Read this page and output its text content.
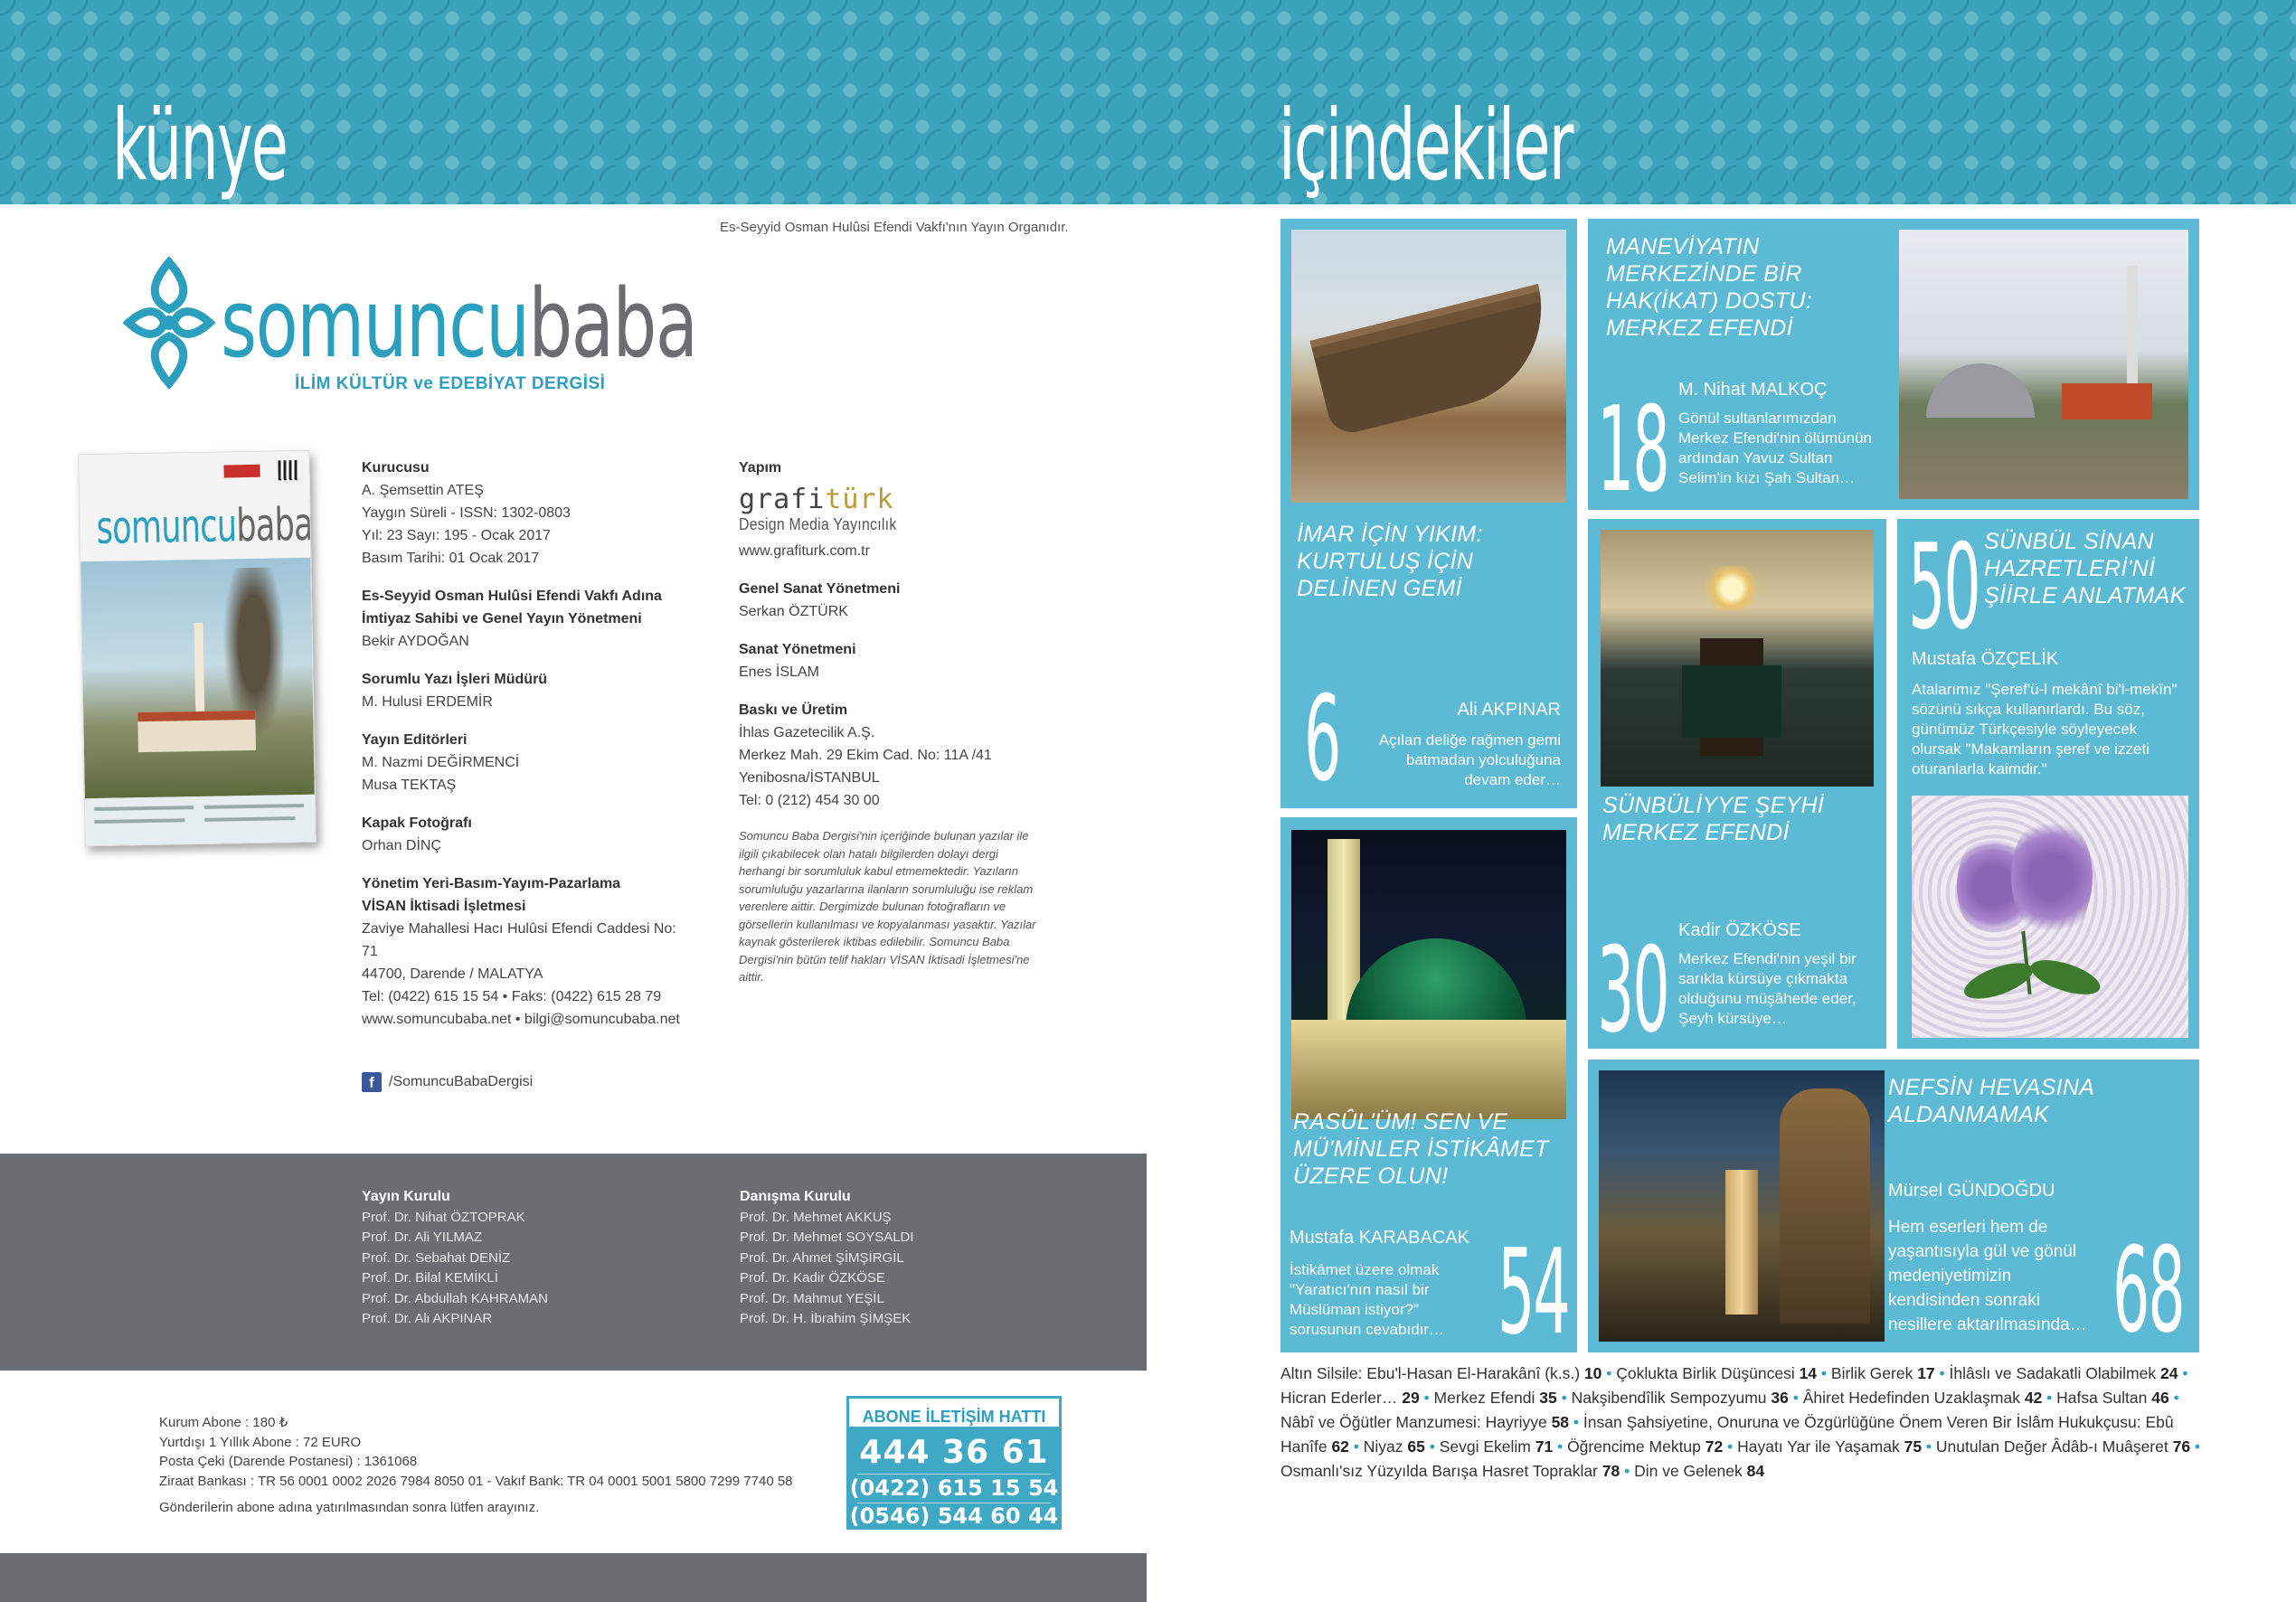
künye	içindekiler
Es-Seyyid Osman Hulûsi Efendi Vakfı'nın Yayın Organıdır.
somuncubaba
İLİM KÜLTÜR ve EDEBİYAT DERGİSİ
somuncubaba
Kurucusu
A. Şemsettin ATEŞ
Yaygın Süreli - ISSN: 1302-0803
Yıl: 23 Sayı: 195 - Ocak 2017
Basım Tarihi: 01 Ocak 2017
Es-Seyyid Osman Hulûsi Efendi Vakfı Adına
İmtiyaz Sahibi ve Genel Yayın Yönetmeni
Bekir AYDOĞAN
Sorumlu Yazı İşleri Müdürü
M. Hulusi ERDEMİR
Yayın Editörleri
M. Nazmi DEĞİRMENCİ
Musa TEKTAŞ
Kapak Fotoğrafı
Orhan DİNÇ
Yönetim Yeri-Basım-Yayım-Pazarlama
VİSAN İktisadi İşletmesi
Zaviye Mahallesi Hacı Hulûsi Efendi Caddesi No: 71
44700, Darende / MALATYA
Tel: (0422) 615 15 54 • Faks: (0422) 615 28 79
www.somuncubaba.net • bilgi@somuncubaba.net
Yapım
grafitürk
Design Media Yayıncılık
www.grafiturk.com.tr
Genel Sanat Yönetmeni
Serkan ÖZTÜRK
Sanat Yönetmeni
Enes İSLAM
Baskı ve Üretim
İhlas Gazetecilik A.Ş.
Merkez Mah. 29 Ekim Cad. No: 11A /41
Yenibosna/İSTANBUL
Tel: 0 (212) 454 30 00
Somuncu Baba Dergisi'nin içeriğinde bulunan yazılar ile ilgili çıkabilecek olan hatalı bilgilerden dolayı dergi herhangi bir sorumluluk kabul etmemektedir. Yazıların sorumluluğu yazarlarına ilanların sorumluluğu ise reklam verenlere aittir. Dergimizde bulunan fotoğrafların ve görsellerin kullanılması ve kopyalanması yasaktır. Yazılar kaynak gösterilerek iktibas edilebilir. Somuncu Baba Dergisi'nin bütün telif hakları VİSAN İktisadi İşletmesi'ne aittir.
f	/SomuncuBabaDergisi
Yayın Kurulu
Prof. Dr. Nihat ÖZTOPRAK
Prof. Dr. Ali YILMAZ
Prof. Dr. Sebahat DENİZ
Prof. Dr. Bilal KEMİKLİ
Prof. Dr. Abdullah KAHRAMAN
Prof. Dr. Ali AKPINAR
Danışma Kurulu
Prof. Dr. Mehmet AKKUŞ
Prof. Dr. Mehmet SOYSALDI
Prof. Dr. Ahmet ŞİMŞİRGİL
Prof. Dr. Kadir ÖZKÖSE
Prof. Dr. Mahmut YEŞİL
Prof. Dr. H. İbrahim ŞİMŞEK
Kurum Abone : 180 ₺
Yurtdışı 1 Yıllık Abone : 72 EURO
Posta Çeki (Darende Postanesi) : 1361068
Ziraat Bankası : TR 56 0001 0002 2026 7984 8050 01 - Vakıf Bank: TR 04 0001 5001 5800 7299 7740 58
Gönderilerin abone adına yatırılmasından sonra lütfen arayınız.
ABONE İLETİŞİM HATTI
444 36 61
(0422) 615 15 54
(0546) 544 60 44
İMAR İÇİN YIKIM: KURTULUŞ İÇİN DELİNEN GEMİ
6	Ali AKPINAR
Açılan deliğe rağmen gemi batmadan yolculuğuna devam eder…
MANEVİYATIN MERKEZİNDE BİR HAK(İKAT) DOSTU: MERKEZ EFENDİ
18 M. Nihat MALKOÇ
Gönül sultanlarımızdan Merkez Efendi'nin ölümünün ardından Yavuz Sultan Selim'in kızı Şah Sultan…
SÜNBÜLİYYE ŞEYHİ MERKEZ EFENDİ
30 Kadir ÖZKÖSE
Merkez Efendi'nin yeşil bir sarıkla kürsüye çıkmakta olduğunu müşâhede eder, Şeyh kürsüye…
50 SÜNBÜL SİNAN HAZRETLERİ'Nİ ŞİİRLE ANLATMAK
Mustafa ÖZÇELİK
Atalarımız "Şeref'ü-l mekânî bi'l-mekîn" sözünü sıkça kullanırlardı. Bu söz, günümüz Türkçesiyle söyleyecek olursak "Makamların şeref ve izzeti oturanlarla kaimdir."
RASÛL'ÜM! SEN VE MÜ'MİNLER İSTİKÂMET ÜZERE OLUN!
Mustafa KARABACAK
İstikâmet üzere olmak "Yaratıcı'nın nasıl bir Müslüman istiyor?" sorusunun cevabıdır… 54
NEFSİN HEVASINA ALDANMAMAK
Mürsel GÜNDOĞDU
Hem eserleri hem de yaşantısıyla gül ve gönül medeniyetimizin kendisinden sonraki nesillere aktarılmasında… 68
Altın Silsile: Ebu'l-Hasan El-Harakânî (k.s.) 10 • Çoklukta Birlik Düşüncesi 14 • Birlik Gerek 17 • İhlâslı ve Sadakatli Olabilmek 24 • Hicran Ederler… 29 • Merkez Efendi 35 • Nakşibendîlik Sempozyumu 36 • Âhiret Hedefinden Uzaklaşmak 42 • Hafsa Sultan 46 • Nâbî ve Öğütler Manzumesi: Hayriyye 58 • İnsan Şahsiyetine, Onuruna ve Özgürlüğüne Önem Veren Bir İslâm Hukukçusu: Ebû Hanîfe 62 • Niyaz 65 • Sevgi Ekelim 71 • Öğrencime Mektup 72 • Hayatı Yar ile Yaşamak 75 • Unutulan Değer Âdâb-ı Muâşeret 76 • Osmanlı'sız Yüzyılda Barışa Hasret Topraklar 78 • Din ve Gelenek 84
